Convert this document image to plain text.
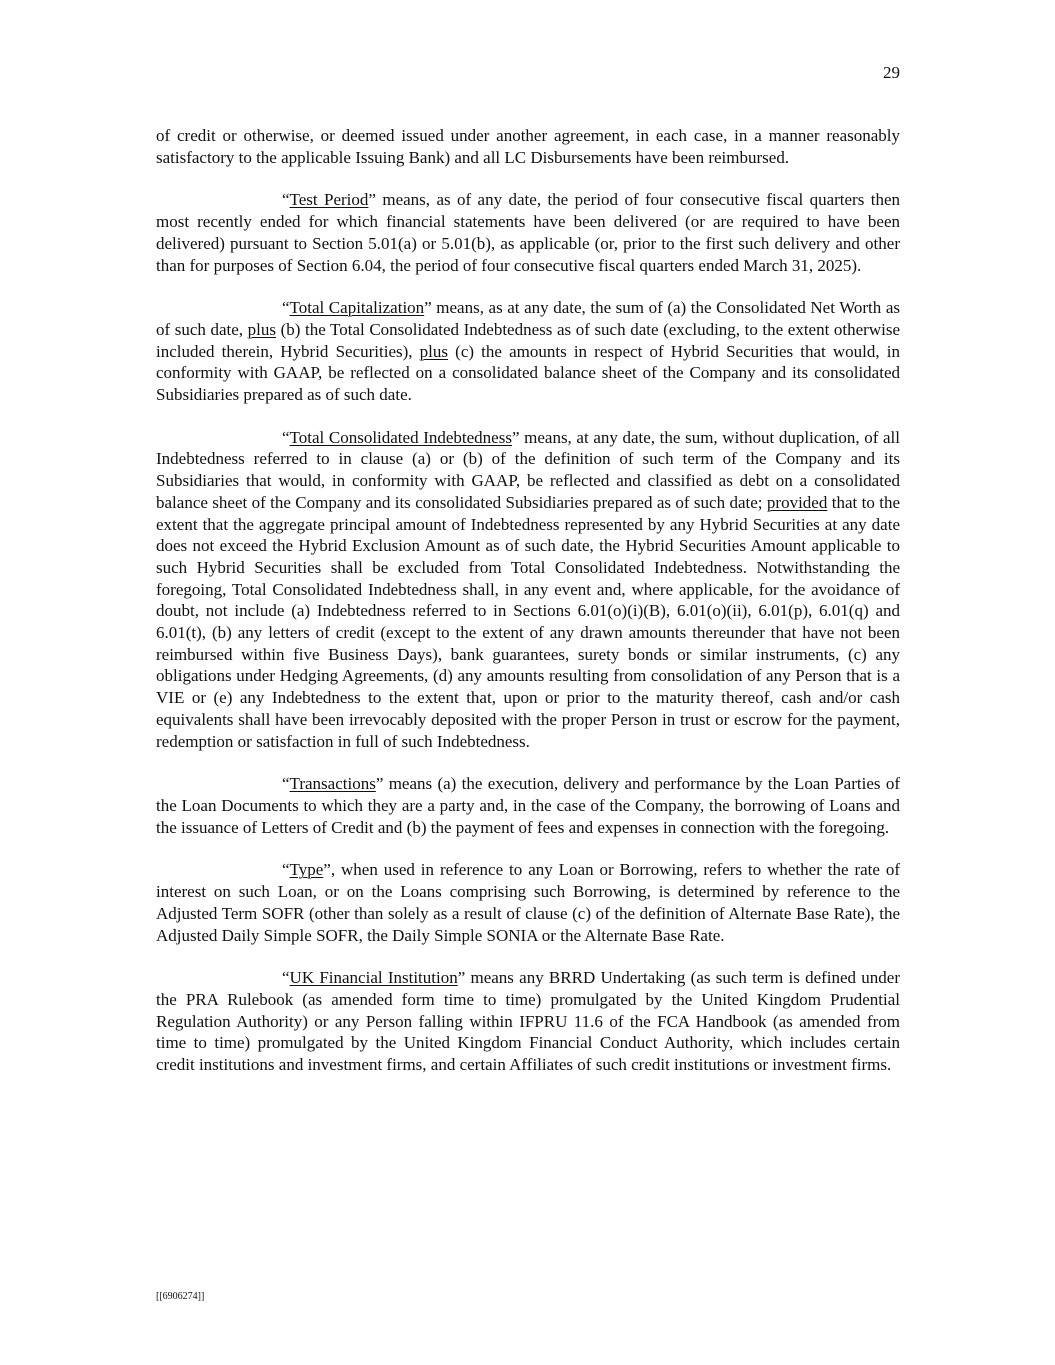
29

of credit or otherwise, or deemed issued under another agreement, in each case, in a manner reasonably satisfactory to the applicable Issuing Bank) and all LC Disbursements have been reimbursed.

“Test Period” means, as of any date, the period of four consecutive fiscal quarters then most recently ended for which financial statements have been delivered (or are required to have been delivered) pursuant to Section 5.01(a) or 5.01(b), as applicable (or, prior to the first such delivery and other than for purposes of Section 6.04, the period of four consecutive fiscal quarters ended March 31, 2025).

“Total Capitalization” means, as at any date, the sum of (a) the Consolidated Net Worth as of such date, plus (b) the Total Consolidated Indebtedness as of such date (excluding, to the extent otherwise included therein, Hybrid Securities), plus (c) the amounts in respect of Hybrid Securities that would, in conformity with GAAP, be reflected on a consolidated balance sheet of the Company and its consolidated Subsidiaries prepared as of such date.

“Total Consolidated Indebtedness” means, at any date, the sum, without duplication, of all Indebtedness referred to in clause (a) or (b) of the definition of such term of the Company and its Subsidiaries that would, in conformity with GAAP, be reflected and classified as debt on a consolidated balance sheet of the Company and its consolidated Subsidiaries prepared as of such date; provided that to the extent that the aggregate principal amount of Indebtedness represented by any Hybrid Securities at any date does not exceed the Hybrid Exclusion Amount as of such date, the Hybrid Securities Amount applicable to such Hybrid Securities shall be excluded from Total Consolidated Indebtedness. Notwithstanding the foregoing, Total Consolidated Indebtedness shall, in any event and, where applicable, for the avoidance of doubt, not include (a) Indebtedness referred to in Sections 6.01(o)(i)(B), 6.01(o)(ii), 6.01(p), 6.01(q) and 6.01(t), (b) any letters of credit (except to the extent of any drawn amounts thereunder that have not been reimbursed within five Business Days), bank guarantees, surety bonds or similar instruments, (c) any obligations under Hedging Agreements, (d) any amounts resulting from consolidation of any Person that is a VIE or (e) any Indebtedness to the extent that, upon or prior to the maturity thereof, cash and/or cash equivalents shall have been irrevocably deposited with the proper Person in trust or escrow for the payment, redemption or satisfaction in full of such Indebtedness.

“Transactions” means (a) the execution, delivery and performance by the Loan Parties of the Loan Documents to which they are a party and, in the case of the Company, the borrowing of Loans and the issuance of Letters of Credit and (b) the payment of fees and expenses in connection with the foregoing.

“Type”, when used in reference to any Loan or Borrowing, refers to whether the rate of interest on such Loan, or on the Loans comprising such Borrowing, is determined by reference to the Adjusted Term SOFR (other than solely as a result of clause (c) of the definition of Alternate Base Rate), the Adjusted Daily Simple SOFR, the Daily Simple SONIA or the Alternate Base Rate.

“UK Financial Institution” means any BRRD Undertaking (as such term is defined under the PRA Rulebook (as amended form time to time) promulgated by the United Kingdom Prudential Regulation Authority) or any Person falling within IFPRU 11.6 of the FCA Handbook (as amended from time to time) promulgated by the United Kingdom Financial Conduct Authority, which includes certain credit institutions and investment firms, and certain Affiliates of such credit institutions or investment firms.

[[6906274]]
